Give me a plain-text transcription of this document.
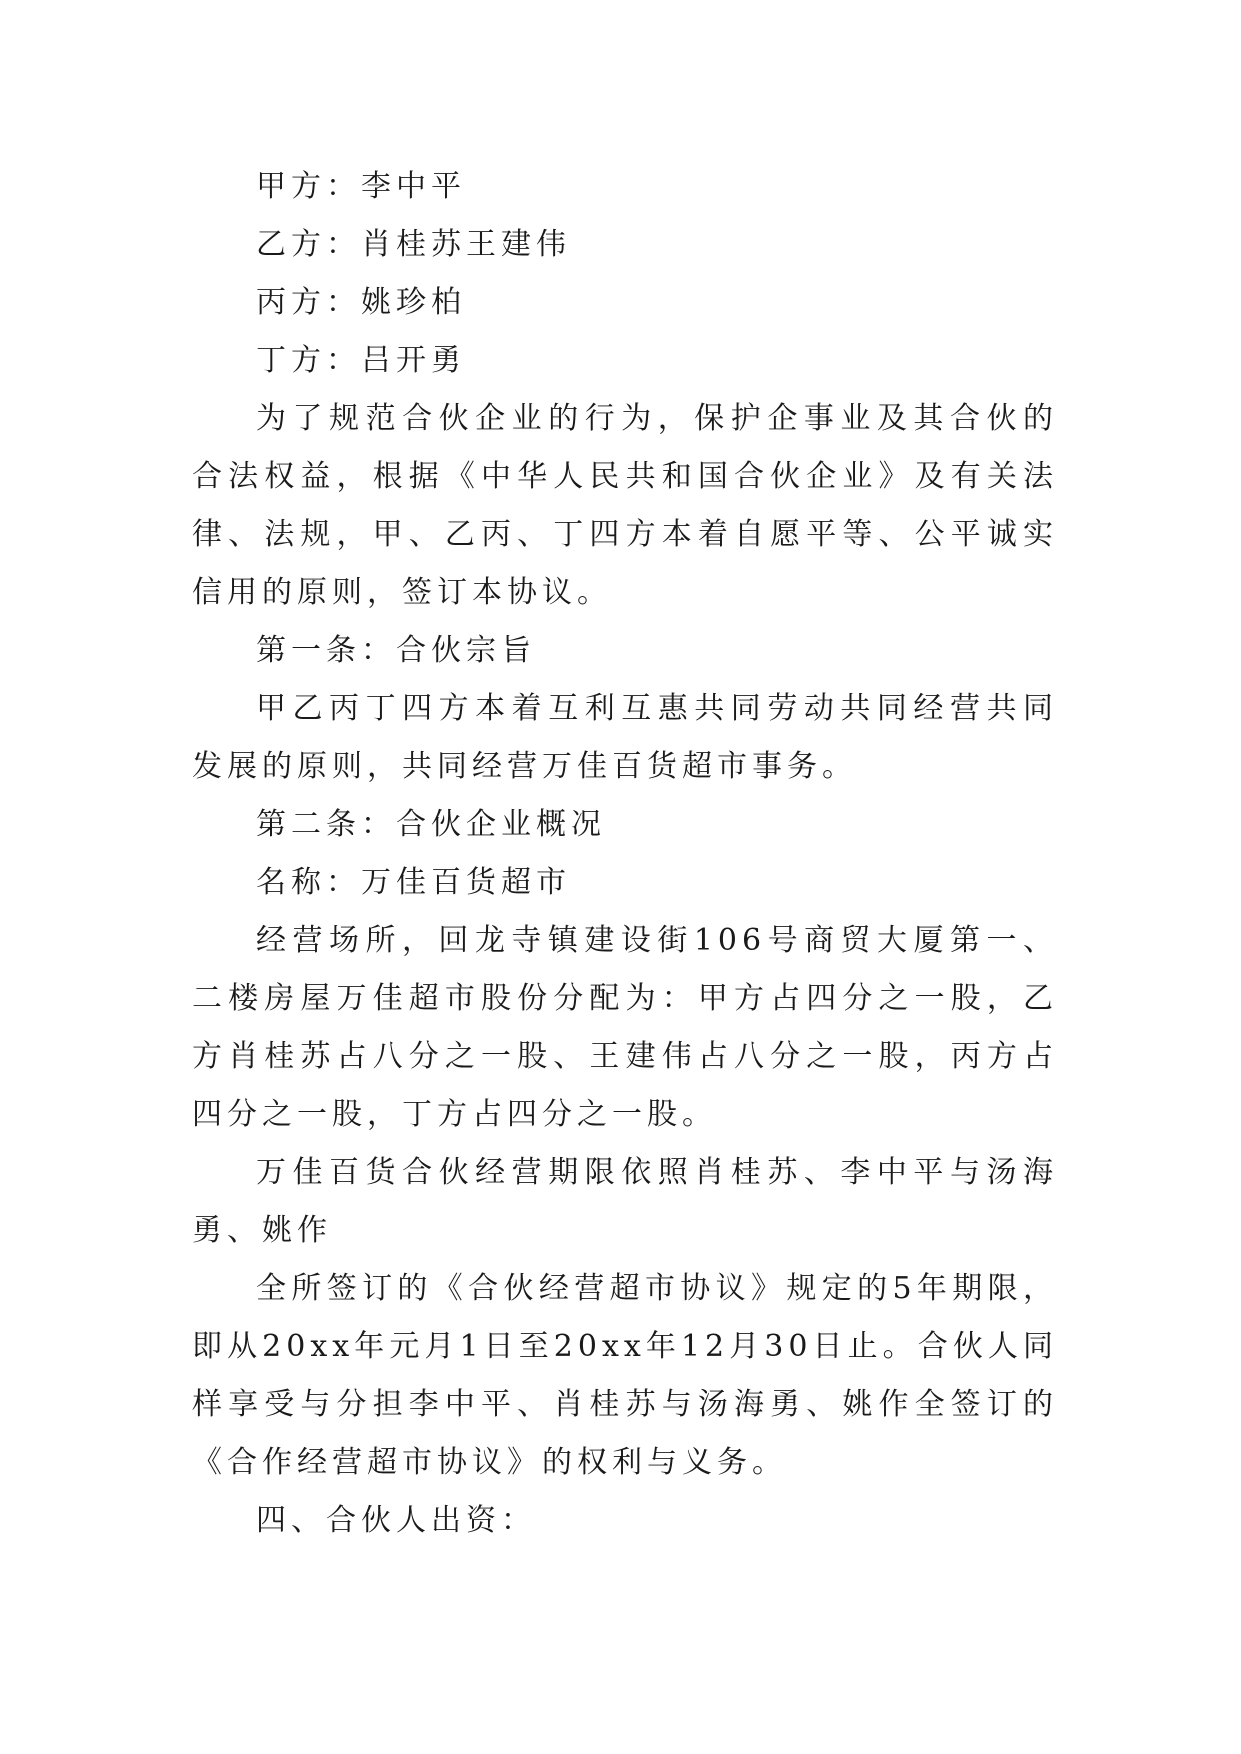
甲方：李中平

乙方：肖桂苏王建伟

丙方：姚珍柏

丁方：吕开勇

为了规范合伙企业的行为，保护企事业及其合伙的合法权益，根据《中华人民共和国合伙企业》及有关法律、法规，甲、乙丙、丁四方本着自愿平等、公平诚实信用的原则，签订本协议。

第一条：合伙宗旨

甲乙丙丁四方本着互利互惠共同劳动共同经营共同发展的原则，共同经营万佳百货超市事务。

第二条：合伙企业概况

名称：万佳百货超市

经营场所，回龙寺镇建设街106号商贸大厦第一、二楼房屋万佳超市股份分配为：甲方占四分之一股，乙方肖桂苏占八分之一股、王建伟占八分之一股，丙方占四分之一股，丁方占四分之一股。

万佳百货合伙经营期限依照肖桂苏、李中平与汤海勇、姚作

全所签订的《合伙经营超市协议》规定的5年期限，即从20xx年元月1日至20xx年12月30日止。合伙人同样享受与分担李中平、肖桂苏与汤海勇、姚作全签订的《合作经营超市协议》的权利与义务。

四、合伙人出资：
